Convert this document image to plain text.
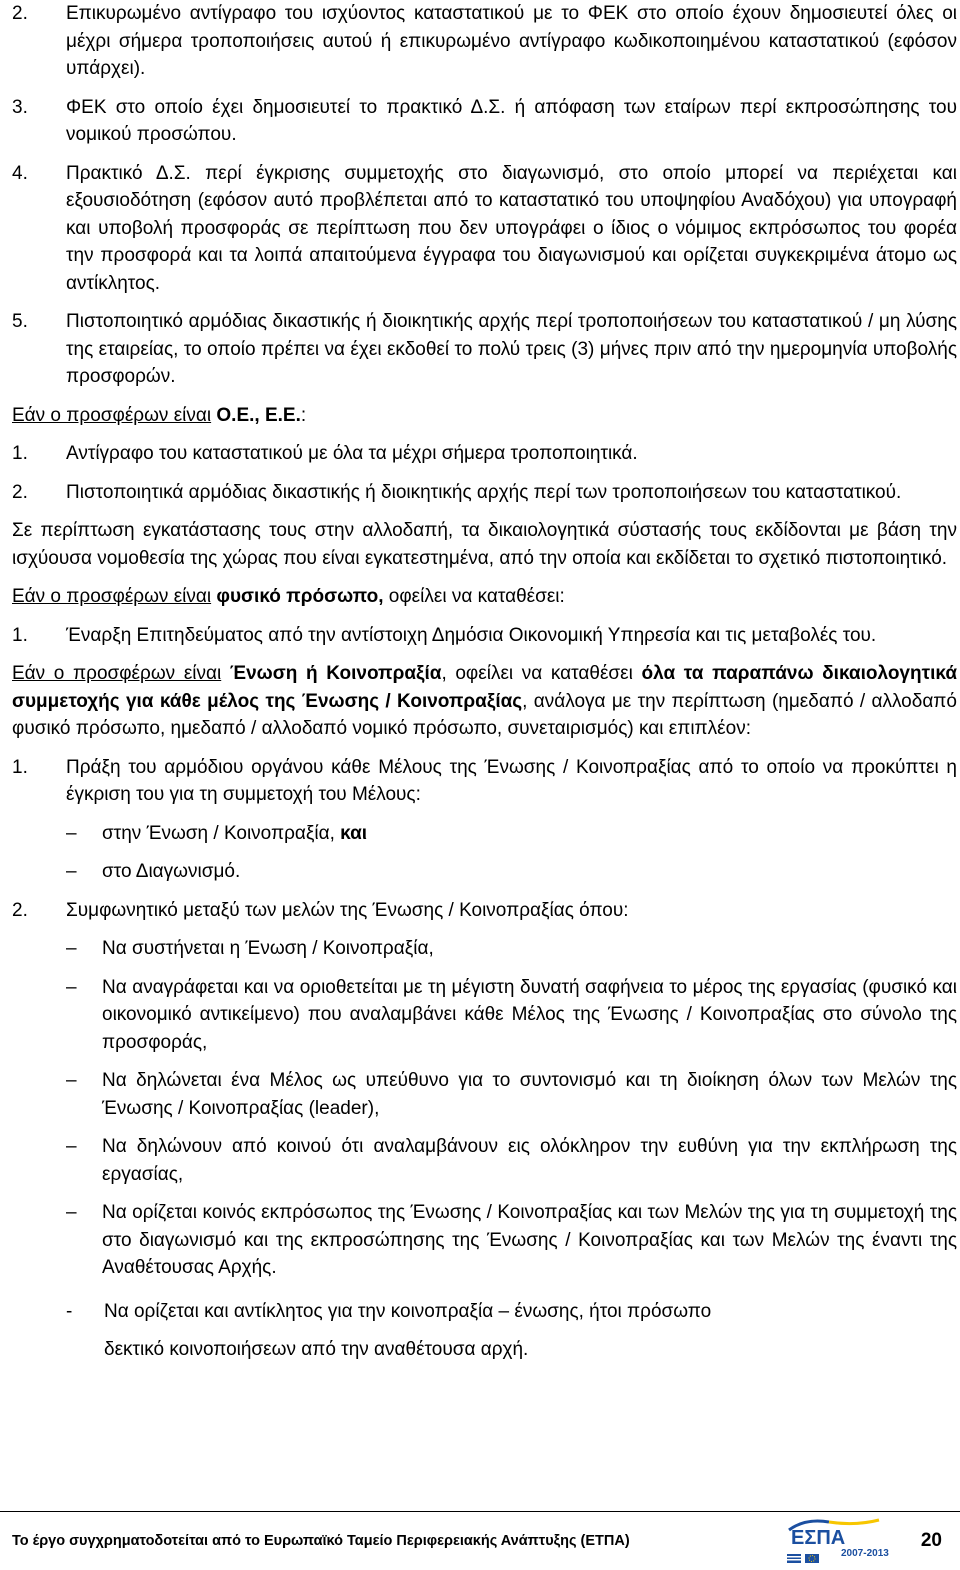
2.	Επικυρωμένο αντίγραφο του ισχύοντος καταστατικού με το ΦΕΚ στο οποίο έχουν δημοσιευτεί όλες οι μέχρι σήμερα τροποποιήσεις αυτού ή επικυρωμένο αντίγραφο κωδικοποιημένου καταστατικού (εφόσον υπάρχει).
3.	ΦΕΚ στο οποίο έχει δημοσιευτεί το πρακτικό Δ.Σ. ή απόφαση των εταίρων περί εκπροσώπησης του νομικού προσώπου.
4.	Πρακτικό Δ.Σ. περί έγκρισης συμμετοχής στο διαγωνισμό, στο οποίο μπορεί να περιέχεται και εξουσιοδότηση (εφόσον αυτό προβλέπεται από το καταστατικό του υποψηφίου Αναδόχου) για υπογραφή και υποβολή προσφοράς σε περίπτωση που δεν υπογράφει ο ίδιος ο νόμιμος εκπρόσωπος του φορέα την προσφορά και τα λοιπά απαιτούμενα έγγραφα του διαγωνισμού και ορίζεται συγκεκριμένα άτομο ως αντίκλητος.
5.	Πιστοποιητικό αρμόδιας δικαστικής ή διοικητικής αρχής περί τροποποιήσεων του καταστατικού / μη λύσης της εταιρείας, το οποίο πρέπει να έχει εκδοθεί το πολύ τρεις (3) μήνες πριν από την ημερομηνία υποβολής προσφορών.
Εάν ο προσφέρων είναι Ο.Ε., Ε.Ε.:
1.	Αντίγραφο του καταστατικού με όλα τα μέχρι σήμερα τροποποιητικά.
2.	Πιστοποιητικά αρμόδιας δικαστικής ή διοικητικής αρχής περί των τροποποιήσεων του καταστατικού.
Σε περίπτωση εγκατάστασης τους στην αλλοδαπή, τα δικαιολογητικά σύστασής τους εκδίδονται με βάση την ισχύουσα νομοθεσία της χώρας που είναι εγκατεστημένα, από την οποία και εκδίδεται το σχετικό πιστοποιητικό.
Εάν ο προσφέρων είναι φυσικό πρόσωπο, οφείλει να καταθέσει:
1.	Έναρξη Επιτηδεύματος από την αντίστοιχη Δημόσια Οικονομική Υπηρεσία και τις μεταβολές του.
Εάν ο προσφέρων είναι Ένωση ή Κοινοπραξία, οφείλει να καταθέσει όλα τα παραπάνω δικαιολογητικά συμμετοχής για κάθε μέλος της Ένωσης / Κοινοπραξίας, ανάλογα με την περίπτωση (ημεδαπό / αλλοδαπό φυσικό πρόσωπο, ημεδαπό / αλλοδαπό νομικό πρόσωπο, συνεταιρισμός) και επιπλέον:
1.	Πράξη του αρμόδιου οργάνου κάθε Μέλους της Ένωσης / Κοινοπραξίας από το οποίο να προκύπτει η έγκριση του για τη συμμετοχή του Μέλους:
–	στην Ένωση / Κοινοπραξία, και
–	στο Διαγωνισμό.
2.	Συμφωνητικό μεταξύ των μελών της Ένωσης / Κοινοπραξίας όπου:
–	Να συστήνεται η Ένωση / Κοινοπραξία,
–	Να αναγράφεται και να οριοθετείται με τη μέγιστη δυνατή σαφήνεια το μέρος της εργασίας (φυσικό και οικονομικό αντικείμενο) που αναλαμβάνει κάθε Μέλος της Ένωσης / Κοινοπραξίας στο σύνολο της προσφοράς,
–	Να δηλώνεται ένα Μέλος ως υπεύθυνο για το συντονισμό και τη διοίκηση όλων των Μελών της Ένωσης / Κοινοπραξίας (leader),
–	Να δηλώνουν από κοινού ότι αναλαμβάνουν εις ολόκληρον την ευθύνη για την εκπλήρωση της εργασίας,
–	Να ορίζεται κοινός εκπρόσωπος της Ένωσης / Κοινοπραξίας και των Μελών της για τη συμμετοχή της στο διαγωνισμό και της εκπροσώπησης της Ένωσης / Κοινοπραξίας και των Μελών της έναντι της Αναθέτουσας Αρχής.
-	Να ορίζεται και αντίκλητος για την κοινοπραξία – ένωσης, ήτοι πρόσωπο
δεκτικό κοινοποιήσεων από την αναθέτουσα αρχή.
Το έργο συγχρηματοδοτείται από το Ευρωπαϊκό Ταμείο Περιφερειακής Ανάπτυξης (ΕΤΠΑ)	ΕΣΠΑ
2007-2013
20
